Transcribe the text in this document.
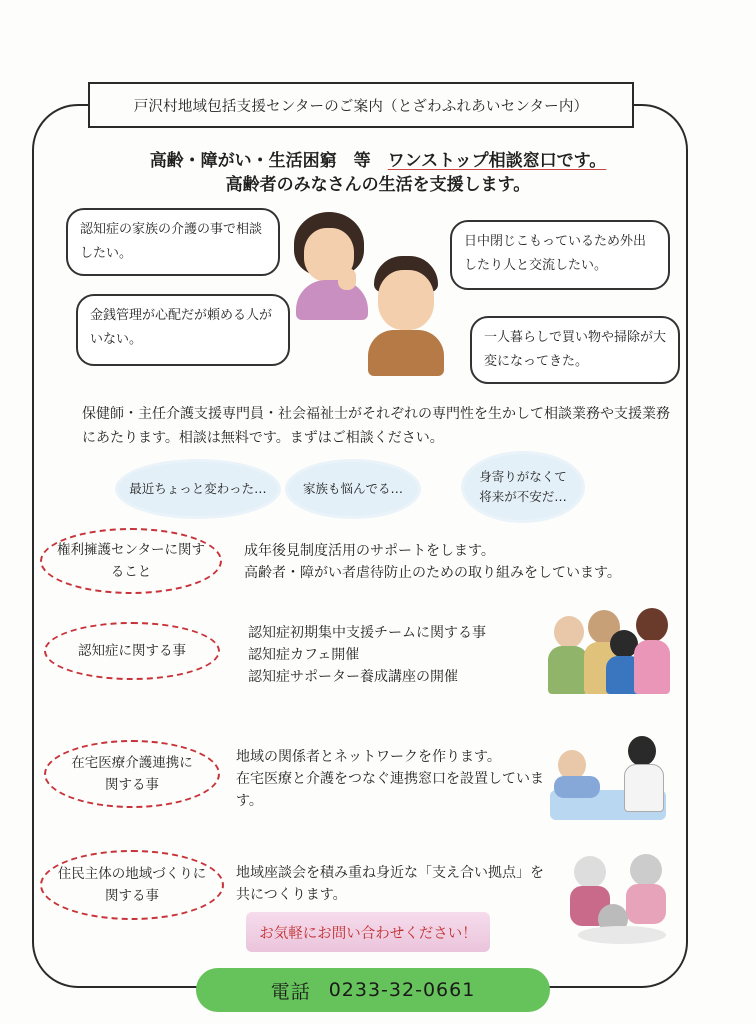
戸沢村地域包括支援センターのご案内（とざわふれあいセンター内）
高齢・障がい・生活困窮　等　ワンストップ相談窓口です。
高齢者のみなさんの生活を支援します。
認知症の家族の介護の事で相談したい。
金銭管理が心配だが頼める人がいない。
日中閉じこもっているため外出したり人と交流したい。
一人暮らしで買い物や掃除が大変になってきた。
保健師・主任介護支援専門員・社会福祉士がそれぞれの専門性を生かして相談業務や支援業務にあたります。相談は無料です。まずはご相談ください。
最近ちょっと変わった…	家族も悩んでる…
身寄りがなくて将来が不安だ…
権利擁護センターに関すること
成年後見制度活用のサポートをします。
高齢者・障がい者虐待防止のための取り組みをしています。
認知症に関する事
認知症初期集中支援チームに関する事
認知症カフェ開催
認知症サポーター養成講座の開催
在宅医療介護連携に関する事
地域の関係者とネットワークを作ります。
在宅医療と介護をつなぐ連携窓口を設置しています。
住民主体の地域づくりに関する事
地域座談会を積み重ね身近な「支え合い拠点」を共につくります。
お気軽にお問い合わせください！
電話 0233-32-0661
